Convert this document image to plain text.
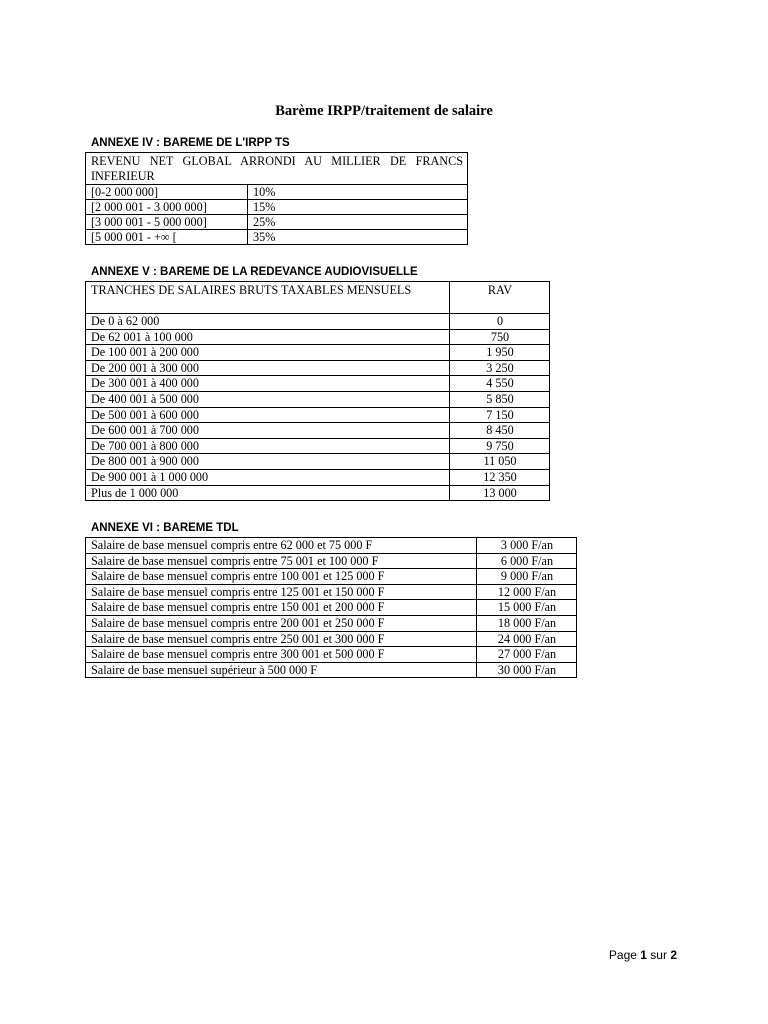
Barème IRPP/traitement de salaire
ANNEXE IV : BAREME DE L'IRPP TS
REVENU NET GLOBAL ARRONDI AU MILLIER DE FRANCS INFERIEUR	
[0-2 000 000]	10%
[2 000 001 - 3 000 000]	15%
[3 000 001 - 5 000 000]	25%
[5 000 001 - +∞ [	35%
ANNEXE V : BAREME DE LA REDEVANCE AUDIOVISUELLE
TRANCHES DE SALAIRES BRUTS TAXABLES MENSUELS	RAV
De 0 à 62 000	0
De 62 001 à 100 000	750
De 100 001 à 200 000	1 950
De 200 001 à 300 000	3 250
De 300 001 à 400 000	4 550
De 400 001 à 500 000	5 850
De 500 001 à 600 000	7 150
De 600 001 à 700 000	8 450
De 700 001 à 800 000	9 750
De 800 001 à 900 000	11 050
De 900 001 à 1 000 000	12 350
Plus de 1 000 000	13 000
ANNEXE VI : BAREME TDL
Salaire de base mensuel compris entre 62 000 et 75 000 F	3 000 F/an
Salaire de base mensuel compris entre 75 001 et 100 000 F	6 000 F/an
Salaire de base mensuel compris entre 100 001 et 125 000 F	9 000 F/an
Salaire de base mensuel compris entre 125 001 et 150 000 F	12 000 F/an
Salaire de base mensuel compris entre 150 001 et 200 000 F	15 000 F/an
Salaire de base mensuel compris entre 200 001 et 250 000 F	18 000 F/an
Salaire de base mensuel compris entre 250 001 et 300 000 F	24 000 F/an
Salaire de base mensuel compris entre 300 001 et 500 000 F	27 000 F/an
Salaire de base mensuel supérieur à 500 000 F	30 000 F/an
Page 1 sur 2
